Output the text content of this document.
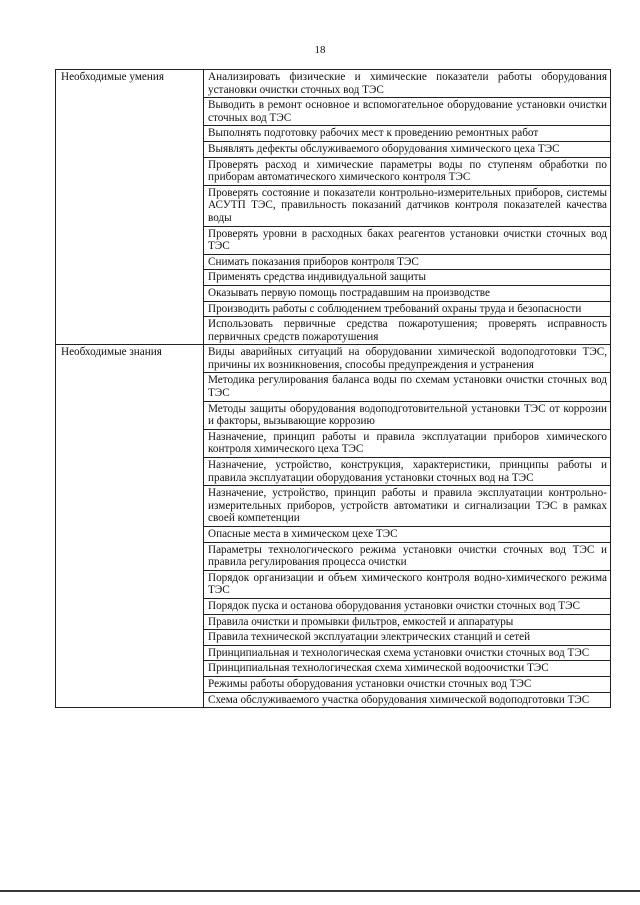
18
Необходимые умения	Анализировать физические и химические показатели работы оборудования установки очистки сточных вод ТЭС
	Выводить в ремонт основное и вспомогательное оборудование установки очистки сточных вод ТЭС
	Выполнять подготовку рабочих мест к проведению ремонтных работ
	Выявлять дефекты обслуживаемого оборудования химического цеха ТЭС
	Проверять расход и химические параметры воды по ступеням обработки по приборам автоматического химического контроля ТЭС
	Проверять состояние и показатели контрольно-измерительных приборов, системы АСУТП ТЭС, правильность показаний датчиков контроля показателей качества воды
	Проверять уровни в расходных баках реагентов установки очистки сточных вод ТЭС
	Снимать показания приборов контроля ТЭС
	Применять средства индивидуальной защиты
	Оказывать первую помощь пострадавшим на производстве
	Производить работы с соблюдением требований охраны труда и безопасности
	Использовать первичные средства пожаротушения; проверять исправность первичных средств пожаротушения
Необходимые знания	Виды аварийных ситуаций на оборудовании химической водоподготовки ТЭС, причины их возникновения, способы предупреждения и устранения
	Методика регулирования баланса воды по схемам установки очистки сточных вод ТЭС
	Методы защиты оборудования водоподготовительной установки ТЭС от коррозии и факторы, вызывающие коррозию
	Назначение, принцип работы и правила эксплуатации приборов химического контроля химического цеха ТЭС
	Назначение, устройство, конструкция, характеристики, принципы работы и правила эксплуатации оборудования установки сточных вод на ТЭС
	Назначение, устройство, принцип работы и правила эксплуатации контрольно-измерительных приборов, устройств автоматики и сигнализации ТЭС в рамках своей компетенции
	Опасные места в химическом цехе ТЭС
	Параметры технологического режима установки очистки сточных вод ТЭС и правила регулирования процесса очистки
	Порядок организации и объем химического контроля водно-химического режима ТЭС
	Порядок пуска и останова оборудования установки очистки сточных вод ТЭС
	Правила очистки и промывки фильтров, емкостей и аппаратуры
	Правила технической эксплуатации электрических станций и сетей
	Принципиальная и технологическая схема установки очистки сточных вод ТЭС
	Принципиальная технологическая схема химической водоочистки ТЭС
	Режимы работы оборудования установки очистки сточных вод ТЭС
	Схема обслуживаемого участка оборудования химической водоподготовки ТЭС
